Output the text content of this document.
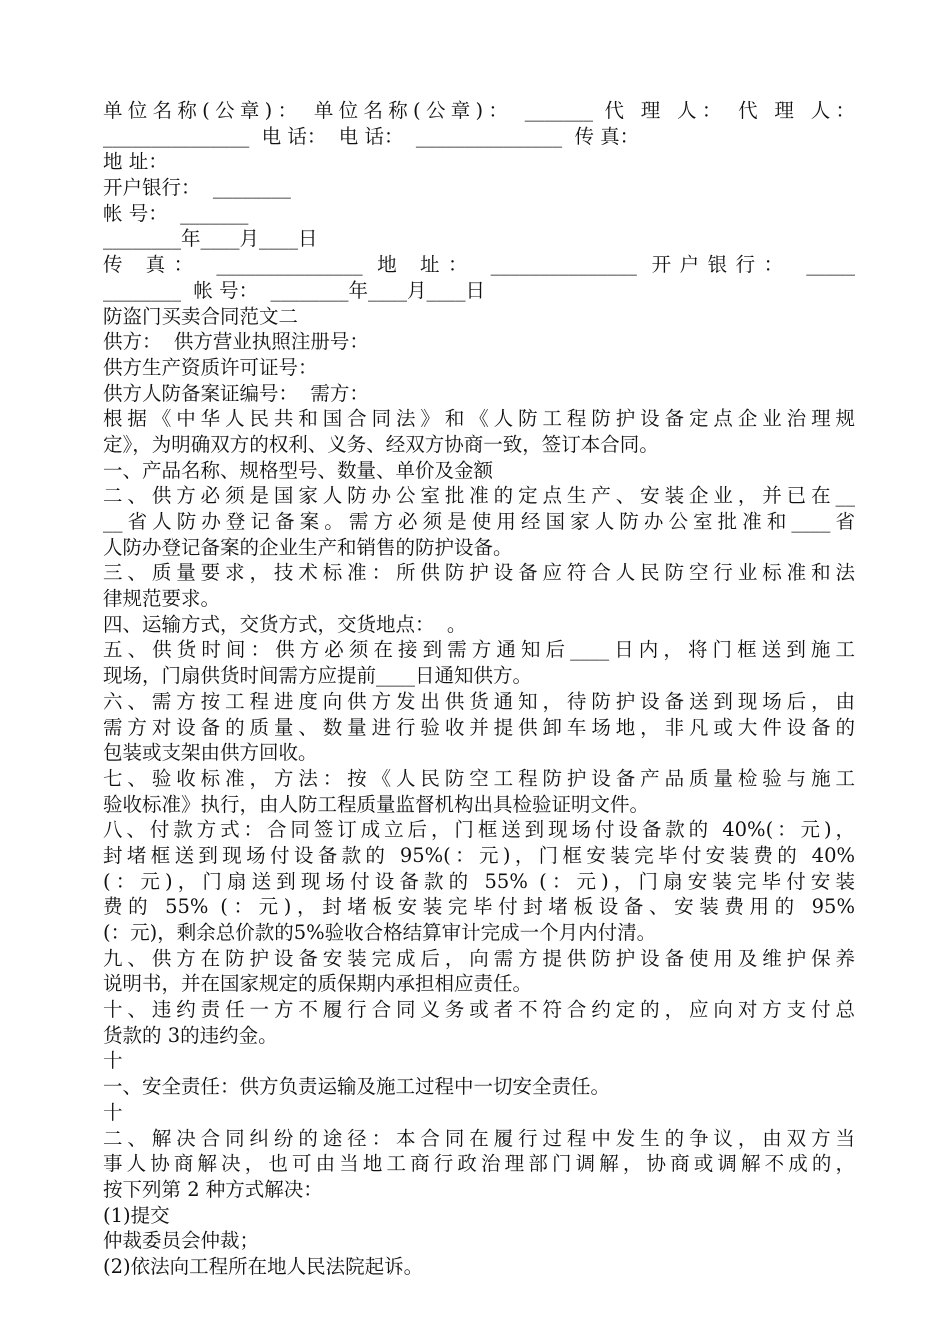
单位名称(公章)： 单位名称(公章)： _______ 代 理 人： 代 理 人：
_______________  电 话：  电 话：  _______________  传 真：
地 址：
开户银行：  ________
帐 号：  _______
________年____月____日
传 真： _______________ 地 址： _______________ 开户银行： _____
________  帐 号：  ________年____月____日
防盗门买卖合同范文二
供方：  供方营业执照注册号：
供方生产资质许可证号：
供方人防备案证编号：  需方：
根据《中华人民共和国合同法》和《人防工程防护设备定点企业治理规
定》，为明确双方的权利、义务、经双方协商一致，签订本合同。
一、产品名称、规格型号、数量、单价及金额
二、供方必须是国家人防办公室批准的定点生产、安装企业，并已在__
__省人防办登记备案。需方必须是使用经国家人防办公室批准和____省
人防办登记备案的企业生产和销售的防护设备。
三、质量要求，技术标准：所供防护设备应符合人民防空行业标准和法
律规范要求。
四、运输方式，交货方式，交货地点：  。
五、供货时间：供方必须在接到需方通知后____日内，将门框送到施工
现场，门扇供货时间需方应提前____日通知供方。
六、需方按工程进度向供方发出供货通知，待防护设备送到现场后，由
需方对设备的质量、数量进行验收并提供卸车场地，非凡或大件设备的
包装或支架由供方回收。
七、验收标准，方法：按《人民防空工程防护设备产品质量检验与施工
验收标准》执行，由人防工程质量监督机构出具检验证明文件。
八、付款方式：合同签订成立后，门框送到现场付设备款的 40%(：元)，
封堵框送到现场付设备款的 95%(：元)，门框安装完毕付安装费的 40%
(：元)，门扇送到现场付设备款的 55% (：元)，门扇安装完毕付安装
费的 55% (：元)，封堵板安装完毕付封堵板设备、安装费用的 95%
(：元)，剩余总价款的5%验收合格结算审计完成一个月内付清。
九、供方在防护设备安装完成后，向需方提供防护设备使用及维护保养
说明书，并在国家规定的质保期内承担相应责任。
十、违约责任一方不履行合同义务或者不符合约定的，应向对方支付总
货款的 3的违约金。
十
一、安全责任：供方负责运输及施工过程中一切安全责任。
十
二、解决合同纠纷的途径：本合同在履行过程中发生的争议，由双方当
事人协商解决，也可由当地工商行政治理部门调解，协商或调解不成的，
按下列第 2 种方式解决：
(1)提交
仲裁委员会仲裁；
(2)依法向工程所在地人民法院起诉。
